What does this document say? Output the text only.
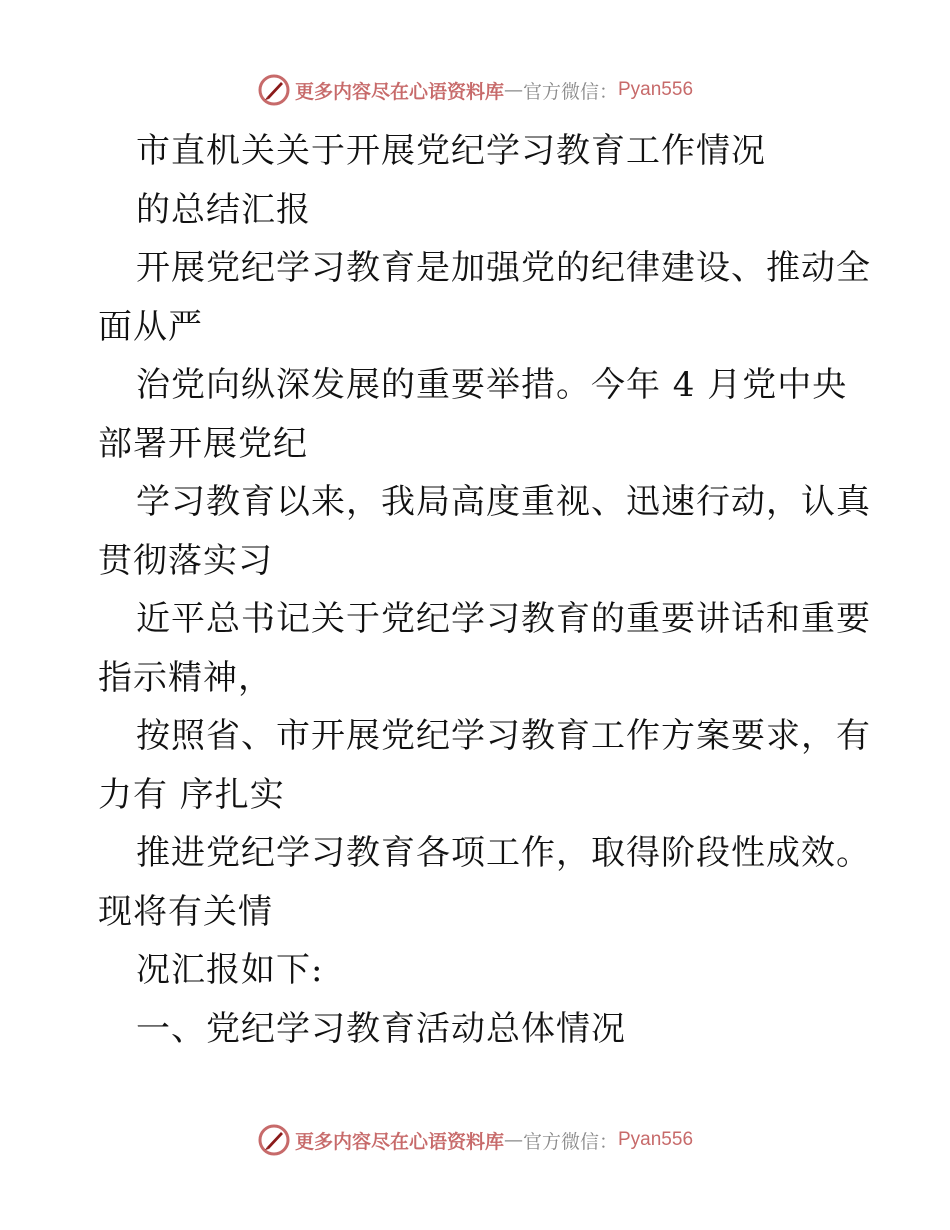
更多内容尽在心语资料库 — 官方微信： Pyan556
市直机关关于开展党纪学习教育工作情况
的总结汇报
开展党纪学习教育是加强党的纪律建设、推动全
面从严
治党向纵深发展的重要举措。今年 4 月党中央
部署开展党纪
学习教育以来，我局高度重视、迅速行动，认真
贯彻落实习
近平总书记关于党纪学习教育的重要讲话和重要
指示精神，
按照省、市开展党纪学习教育工作方案要求，有
力有 序扎实
推进党纪学习教育各项工作，取得阶段性成效。
现将有关情
况汇报如下:
一、党纪学习教育活动总体情况
更多内容尽在心语资料库 — 官方微信： Pyan556
